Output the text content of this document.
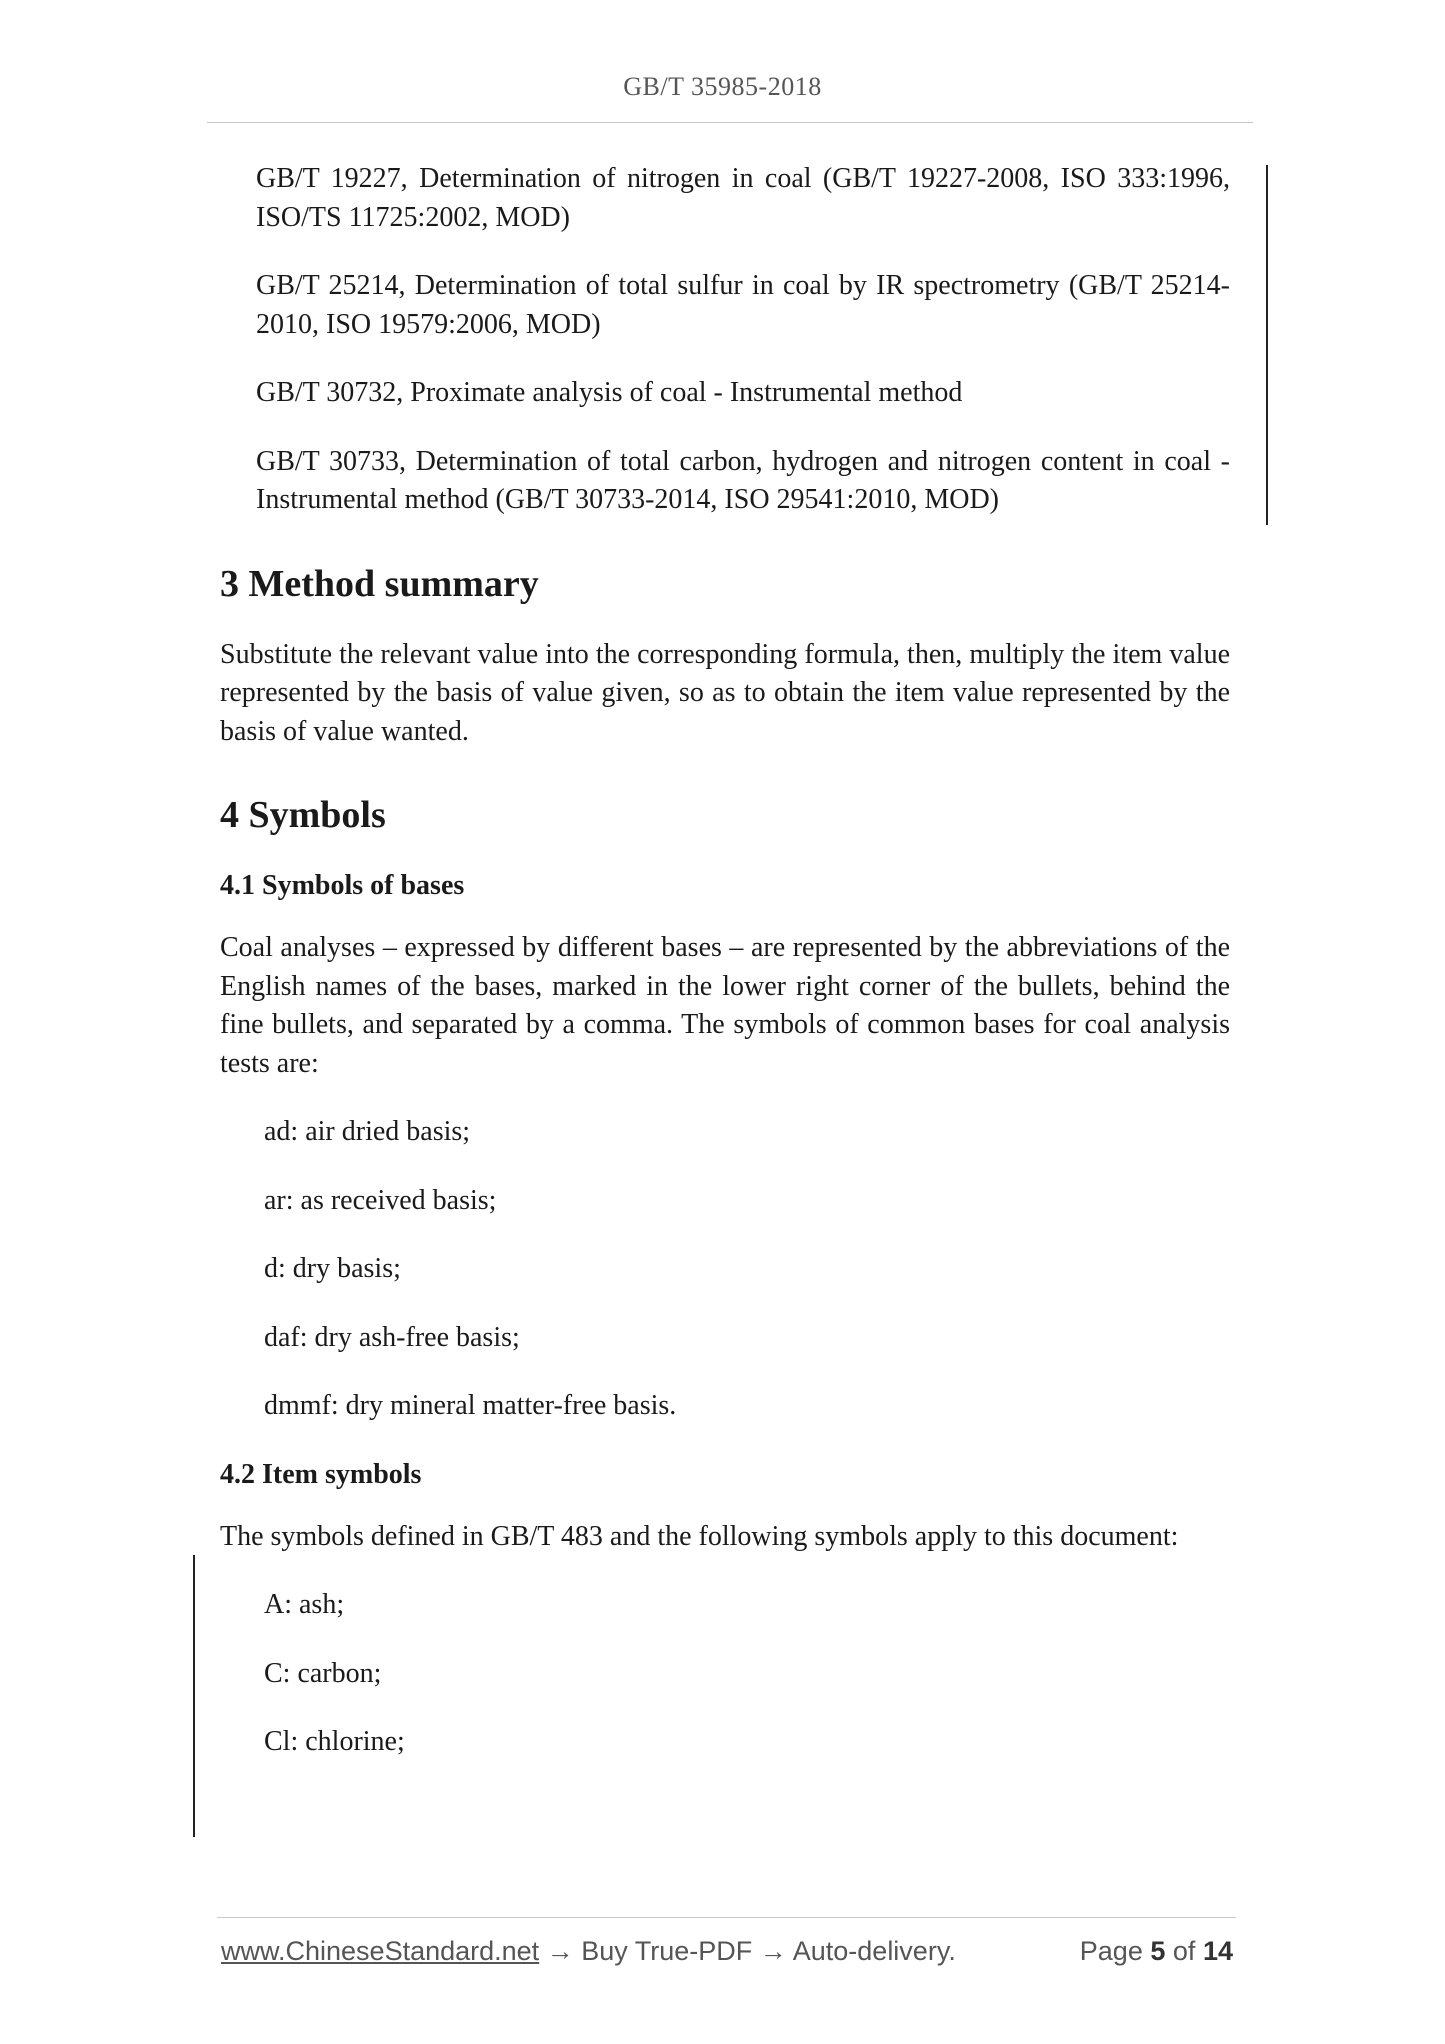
GB/T 35985-2018

GB/T 19227, Determination of nitrogen in coal (GB/T 19227-2008, ISO 333:1996, ISO/TS 11725:2002, MOD)

GB/T 25214, Determination of total sulfur in coal by IR spectrometry (GB/T 25214-2010, ISO 19579:2006, MOD)

GB/T 30732, Proximate analysis of coal - Instrumental method

GB/T 30733, Determination of total carbon, hydrogen and nitrogen content in coal - Instrumental method (GB/T 30733-2014, ISO 29541:2010, MOD)

3 Method summary

Substitute the relevant value into the corresponding formula, then, multiply the item value represented by the basis of value given, so as to obtain the item value represented by the basis of value wanted.

4 Symbols
4.1 Symbols of bases

Coal analyses – expressed by different bases – are represented by the abbreviations of the English names of the bases, marked in the lower right corner of the bullets, behind the fine bullets, and separated by a comma. The symbols of common bases for coal analysis tests are:

ad: air dried basis;

ar: as received basis;

d: dry basis;

daf: dry ash-free basis;

dmmf: dry mineral matter-free basis.

4.2 Item symbols

The symbols defined in GB/T 483 and the following symbols apply to this document:

A: ash;

C: carbon;

Cl: chlorine;

www.ChineseStandard.net → Buy True-PDF → Auto-delivery.	Page 5 of 14
